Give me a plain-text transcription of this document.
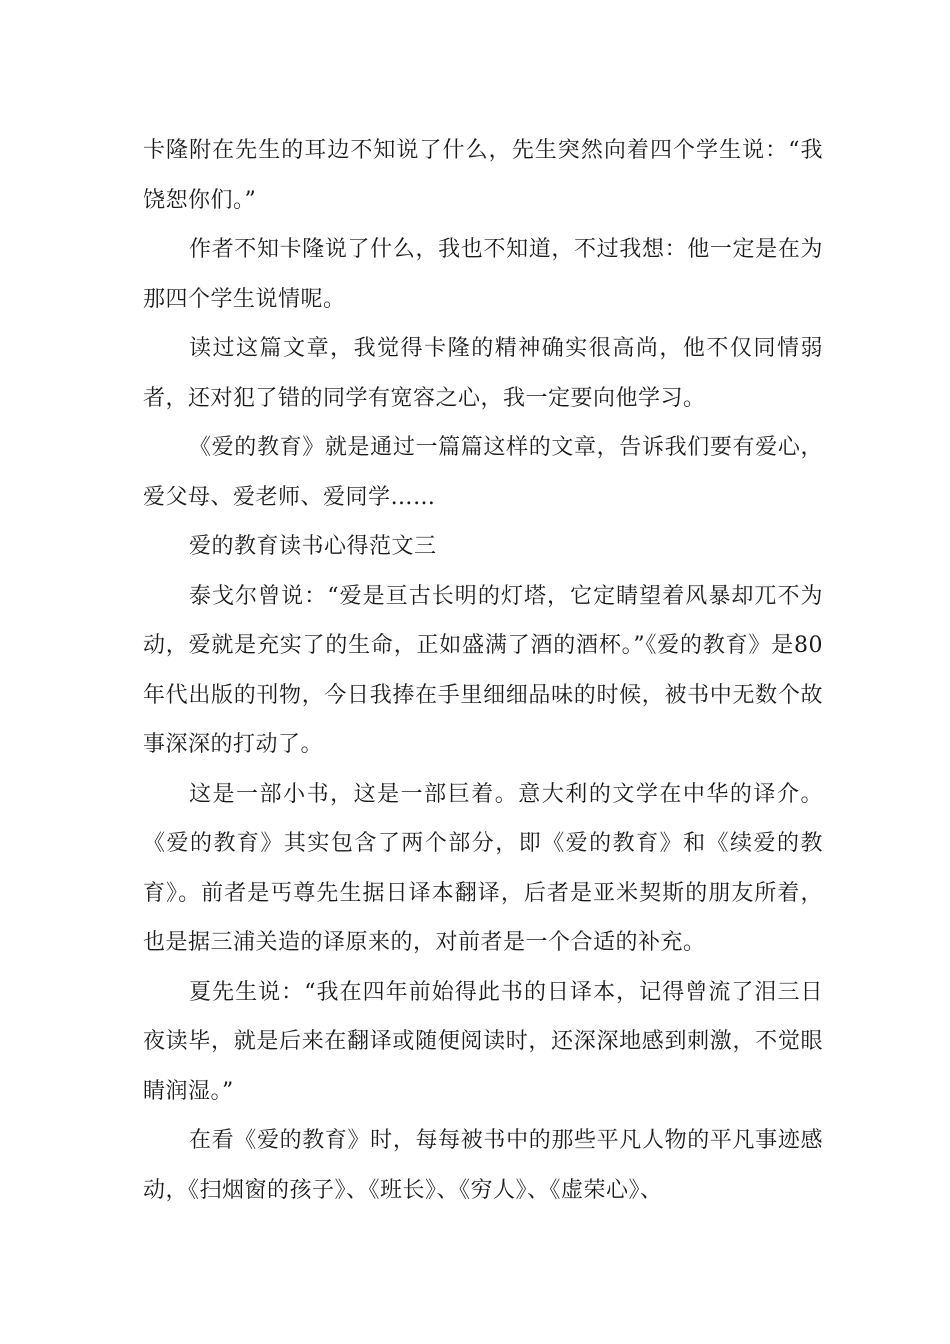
卡隆附在先生的耳边不知说了什么，先生突然向着四个学生说：“我饶恕你们。”

作者不知卡隆说了什么，我也不知道，不过我想：他一定是在为那四个学生说情呢。

读过这篇文章，我觉得卡隆的精神确实很高尚，他不仅同情弱者，还对犯了错的同学有宽容之心，我一定要向他学习。

《爱的教育》就是通过一篇篇这样的文章，告诉我们要有爱心，爱父母、爱老师、爱同学……

爱的教育读书心得范文三

泰戈尔曾说：“爱是亘古长明的灯塔，它定睛望着风暴却兀不为动，爱就是充实了的生命，正如盛满了酒的酒杯。”《爱的教育》是80年代出版的刊物，今日我捧在手里细细品味的时候，被书中无数个故事深深的打动了。

这是一部小书，这是一部巨着。意大利的文学在中华的译介。《爱的教育》其实包含了两个部分，即《爱的教育》和《续爱的教育》。前者是丐尊先生据日译本翻译，后者是亚米契斯的朋友所着，也是据三浦关造的译原来的，对前者是一个合适的补充。

夏先生说：“我在四年前始得此书的日译本，记得曾流了泪三日夜读毕，就是后来在翻译或随便阅读时，还深深地感到刺激，不觉眼睛润湿。”

在看《爱的教育》时，每每被书中的那些平凡人物的平凡事迹感动，《扫烟窗的孩子》、《班长》、《穷人》、《虚荣心》、
